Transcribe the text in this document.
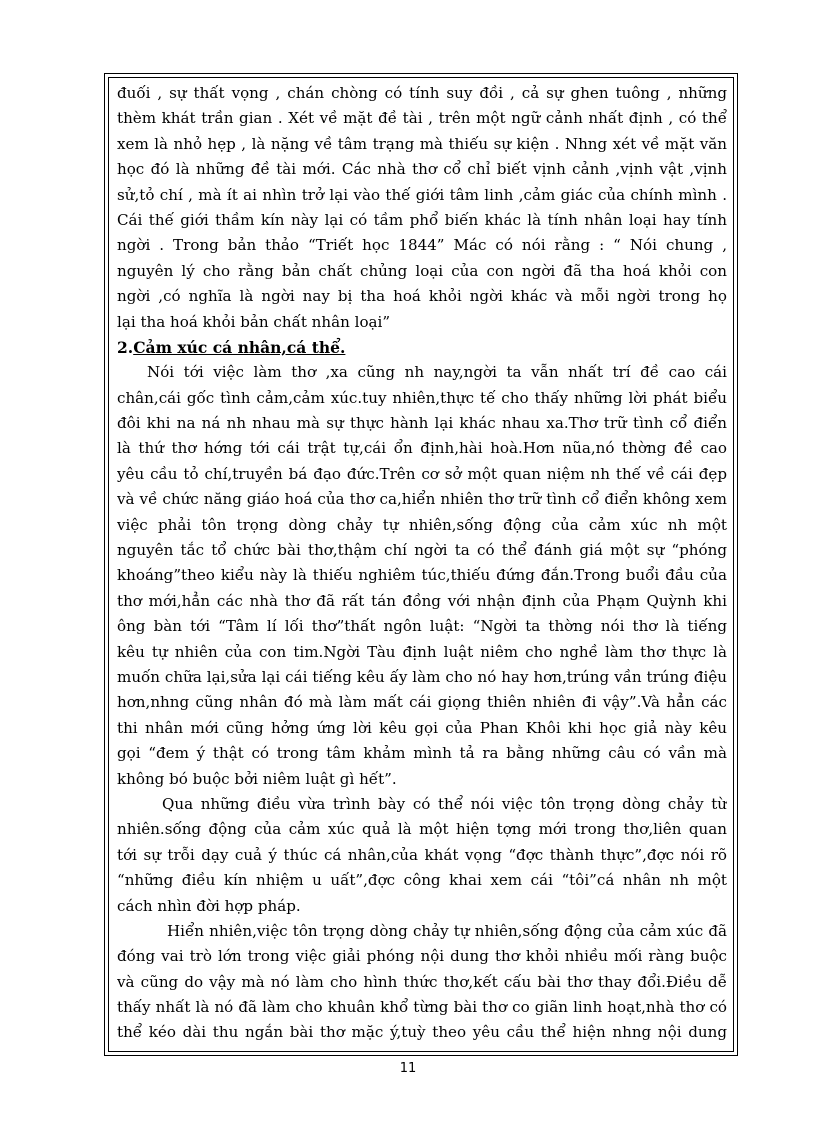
đuối , sự thất vọng , chán chòng có tính suy đồi , cả sự ghen tuông , những
thèm khát trần gian . Xét về mặt đề tài , trên một ngữ cảnh nhất định , có thể
xem là nhỏ hẹp , là nặng về tâm trạng mà thiếu sự kiện . Nhng xét về mặt văn
học đó là những đề tài mới. Các nhà thơ cổ chỉ biết vịnh cảnh ,vịnh vật ,vịnh
sử,tỏ chí , mà ít ai nhìn trở lại vào thế giới tâm linh ,cảm giác của chính mình .
Cái thế giới thầm kín này lại có tầm phổ biến khác là tính nhân loại hay tính
ngời . Trong bản thảo “Triết học 1844” Mác có nói rằng : “ Nói chung ,
nguyên lý cho rằng bản chất chủng loại của con ngời đã tha hoá khỏi con
ngời ,có nghĩa là ngời nay bị tha hoá khỏi ngời khác và mỗi ngời trong họ
lại tha hoá khỏi bản chất nhân loại”
2.Cảm xúc cá nhân,cá thể.
Nói tới việc làm thơ ,xa cũng nh nay,ngời ta vẫn nhất trí đề cao cái
chân,cái gốc tình cảm,cảm xúc.tuy nhiên,thực tế cho thấy những lời phát biểu
đôi khi na ná nh nhau mà sự thực hành lại khác nhau xa.Thơ trữ tình cổ điển
là thứ thơ hớng tới cái trật tự,cái ổn định,hài hoà.Hơn nũa,nó thờng đề cao
yêu cầu tỏ chí,truyền bá đạo đức.Trên cơ sở một quan niệm nh thế về cái đẹp
và về chức năng giáo hoá của thơ ca,hiển nhiên thơ trữ tình cổ điển không xem
việc phải tôn trọng dòng chảy tự nhiên,sống động của cảm xúc nh một
nguyên tắc tổ chức bài thơ,thậm chí ngời ta có thể đánh giá một sự “phóng
khoáng”theo kiểu này là thiếu nghiêm túc,thiếu đứng đắn.Trong buổi đầu của
thơ mới,hẳn các nhà thơ đã rất tán đồng với nhận định của Phạm Quỳnh khi
ông bàn tới “Tâm lí lối thơ”thất ngôn luật: “Ngời ta thờng nói thơ là tiếng
kêu tự nhiên của con tim.Ngời Tàu định luật niêm cho nghề làm thơ thực là
muốn chữa lại,sửa lại cái tiếng kêu ấy làm cho nó hay hơn,trúng vần trúng điệu
hơn,nhng cũng nhân đó mà làm mất cái giọng thiên nhiên đi vậy”.Và hẳn các
thi nhân mới cũng hởng ứng lời kêu gọi của Phan Khôi khi học giả này kêu
gọi “đem ý thật có trong tâm khảm mình tả ra bằng những câu có vần mà
không bó buộc bởi niêm luật gì hết”.
Qua những điều vừa trình bày có thể nói việc tôn trọng dòng chảy từ
nhiên.sống động của cảm xúc quả là một hiện tợng mới trong thơ,liên quan
tới sự trỗi dạy cuả ý thúc cá nhân,của khát vọng “đợc thành thực”,đợc nói rõ
“những điều kín nhiệm u uất”,đợc công khai xem cái “tôi”cá nhân nh một
cách nhìn đời hợp pháp.
Hiển nhiên,việc tôn trọng dòng chảy tự nhiên,sống động của cảm xúc đã
đóng vai trò lớn trong việc giải phóng nội dung thơ khỏi nhiều mối ràng buộc
và cũng do vậy mà nó làm cho hình thức thơ,kết cấu bài thơ thay đổi.Điều dễ
thấy nhất là nó đã làm cho khuân khổ từng bài thơ co giãn linh hoạt,nhà thơ có
thể kéo dài thu ngắn bài thơ mặc ý,tuỳ theo yêu cầu thể hiện nhng nội dung
11
